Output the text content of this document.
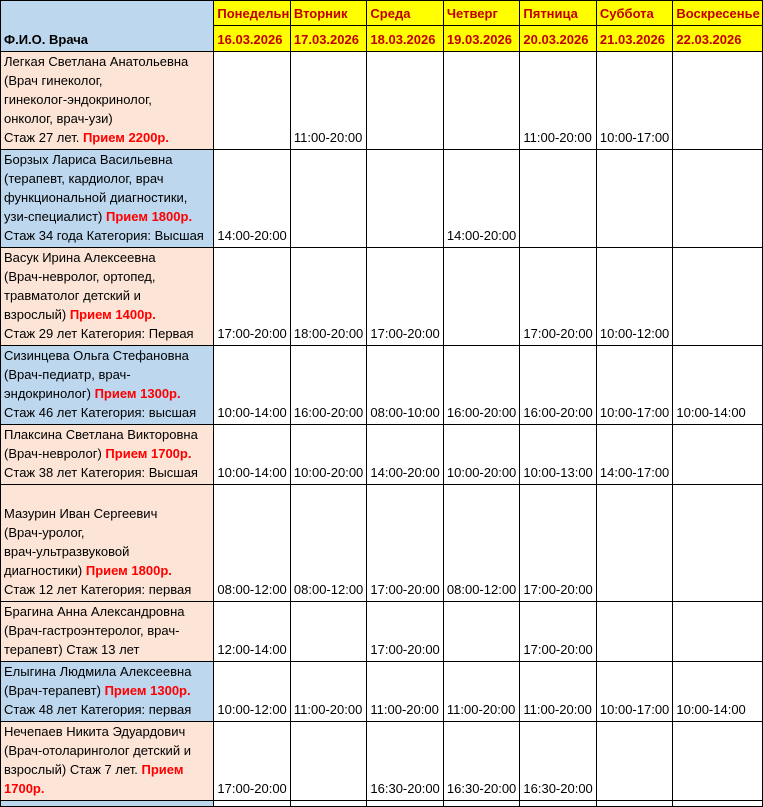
Ф.И.О. Врача	Понедельн	Вторник	Среда	Четверг	Пятница	Суббота	Воскресенье
	16.03.2026	17.03.2026	18.03.2026	19.03.2026	20.03.2026	21.03.2026	22.03.2026

Легкая Светлана Анатольевна
(Врач гинеколог,
гинеколог-эндокринолог,
онколог, врач-узи)
Стаж 27 лет. Прием 2200р.		11:00-20:00			11:00-20:00	10:00-17:00	

Борзых Лариса Васильевна
(терапевт, кардиолог, врач
функциональной диагностики,
узи-специалист) Прием 1800р.
Стаж 34 года Категория: Высшая	14:00-20:00			14:00-20:00			

Васук Ирина Алексеевна
(Врач-невролог, ортопед,
травматолог детский и
взрослый) Прием 1400р.
Стаж 29 лет Категория: Первая	17:00-20:00	18:00-20:00	17:00-20:00		17:00-20:00	10:00-12:00	

Сизинцева Ольга Стефановна
(Врач-педиатр, врач-
эндокринолог) Прием 1300р.
Стаж 46 лет Категория: высшая	10:00-14:00	16:00-20:00	08:00-10:00	16:00-20:00	16:00-20:00	10:00-17:00	10:00-14:00

Плаксина Светлана Викторовна
(Врач-невролог) Прием 1700р.
Стаж 38 лет Категория: Высшая	10:00-14:00	10:00-20:00	14:00-20:00	10:00-20:00	10:00-13:00	14:00-17:00	

Мазурин Иван Сергеевич
(Врач-уролог,
врач-ультразвуковой
диагностики) Прием 1800р.
Стаж 12 лет Категория: первая	08:00-12:00	08:00-12:00	17:00-20:00	08:00-12:00	17:00-20:00		

Брагина Анна Александровна
(Врач-гастроэнтеролог, врач-
терапевт) Стаж 13 лет	12:00-14:00		17:00-20:00		17:00-20:00		

Елыгина Людмила Алексеевна
(Врач-терапевт) Прием 1300р.
Стаж 48 лет Категория: первая	10:00-12:00	11:00-20:00	11:00-20:00	11:00-20:00	11:00-20:00	10:00-17:00	10:00-14:00

Нечепаев Никита Эдуардович
(Врач-отоларинголог детский и
взрослый) Стаж 7 лет. Прием
1700р.	17:00-20:00		16:30-20:00	16:30-20:00	16:30-20:00		
